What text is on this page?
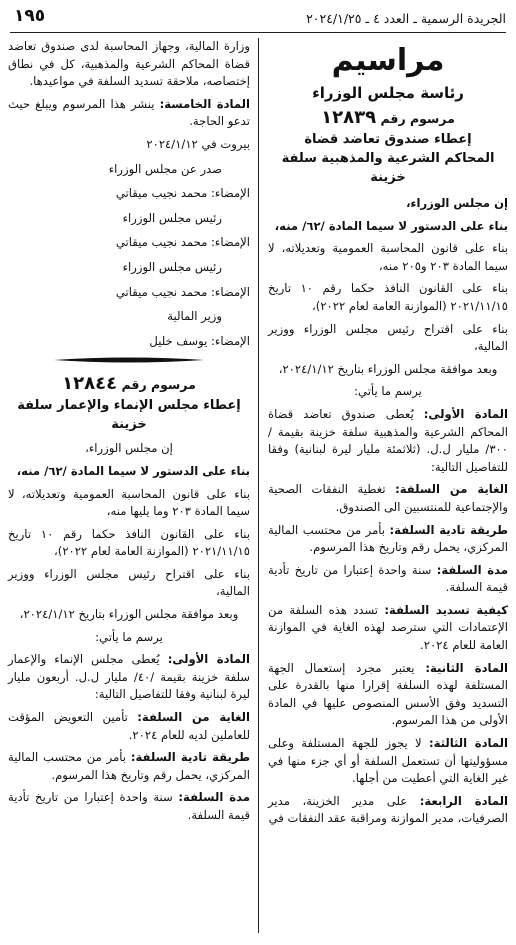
١٩٥	الجريدة الرسمية ـ العدد ٤ ـ ٢٠٢٤/١/٢٥
مراسيم
رئاسة مجلس الوزراء
مرسوم رقم ١٢٨٣٩
إعطاء صندوق تعاضد قضاة
المحاكم الشرعية والمذهبية سلفة خزينة

إن مجلس الوزراء،

بناء على الدستور لا سيما المادة /٦٢/ منه،

بناء على قانون المحاسبة العمومية وتعديلاته، لا سيما المادة ٢٠٣ و٢٠٥ منه،

بناء على القانون النافذ حكما رقم ١٠ تاريخ ٢٠٢١/١١/١٥ (الموازنة العامة لعام ٢٠٢٢)،

بناء على اقتراح رئيس مجلس الوزراء ووزير المالية،

وبعد موافقة مجلس الوزراء بتاريخ ٢٠٢٤/١/١٢،

يرسم ما يأتي:

المادة الأولى: يُعطى صندوق تعاضد قضاة المحاكم الشرعية والمذهبية سلفة خزينة بقيمة /٣٠٠/ مليار ل.ل. (ثلاثمئة مليار ليرة لبنانية) وفقا للتفاصيل التالية:

الغاية من السلفة: تغطية النفقات الصحية والإجتماعية للمنتسبين الى الصندوق.

طريقة تادية السلفة: بأمر من محتسب المالية المركزي، يحمل رقم وتاريخ هذا المرسوم.

مدة السلفة: سنة واحدة إعتبارا من تاريخ تأدية قيمة السلفة.

كيفية تسديد السلفة: تسدد هذه السلفة من الإعتمادات التي سترصد لهذه الغاية في الموازنة العامة للعام ٢٠٢٤.

المادة الثانية: يعتبر مجرد إستعمال الجهة المستلفة لهذه السلفة إقرارا منها بالقدرة على التسديد وفق الأسس المنصوص عليها في المادة الأولى من هذا المرسوم.

المادة الثالثة: لا يجوز للجهة المستلفة وعلى مسؤوليتها أن تستعمل السلفة أو أي جزء منها في غير الغاية التي أعطيت من أجلها.

المادة الرابعة: على مدير الخزينة، مدير الصرفيات، مدير الموازنة ومراقبة عقد النفقات في

وزارة المالية، وجهاز المحاسبة لدى صندوق تعاضد قضاة المحاكم الشرعية والمذهبية، كل في نطاق إختصاصه، ملاحقة تسديد السلفة في مواعيدها.

المادة الخامسة: ينشر هذا المرسوم ويبلغ حيث تدعو الحاجة.

بيروت في ٢٠٢٤/١/١٢

صدر عن مجلس الوزراء

الإمضاء: محمد نجيب ميقاتي

رئيس مجلس الوزراء

الإمضاء: محمد نجيب ميقاتي

رئيس مجلس الوزراء

الإمضاء: محمد نجيب ميقاتي

وزير المالية

الإمضاء: يوسف خليل

مرسوم رقم ١٢٨٤٤
إعطاء مجلس الإنماء والإعمار سلفة خزينة

إن مجلس الوزراء،

بناء على الدستور لا سيما المادة /٦٢/ منه،

بناء على قانون المحاسبة العمومية وتعديلاته، لا سيما المادة ٢٠٣ وما يليها منه،

بناء على القانون النافذ حكما رقم ١٠ تاريخ ٢٠٢١/١١/١٥ (الموازنة العامة لعام ٢٠٢٢)،

بناء على اقتراح رئيس مجلس الوزراء ووزير المالية،

وبعد موافقة مجلس الوزراء بتاريخ ٢٠٢٤/١/١٢،

يرسم ما يأتي:

المادة الأولى: يُعطى مجلس الإنماء والإعمار سلفة خزينة بقيمة /٤٠/ مليار ل.ل. أربعون مليار ليرة لبنانية وفقا للتفاصيل التالية:

الغاية من السلفة: تأمين التعويض المؤقت للعاملين لديه للعام ٢٠٢٤.

طريقة تادية السلفة: بأمر من محتسب المالية المركزي، يحمل رقم وتاريخ هذا المرسوم.

مدة السلفة: سنة واحدة إعتبارا من تاريخ تأدية قيمة السلفة.
